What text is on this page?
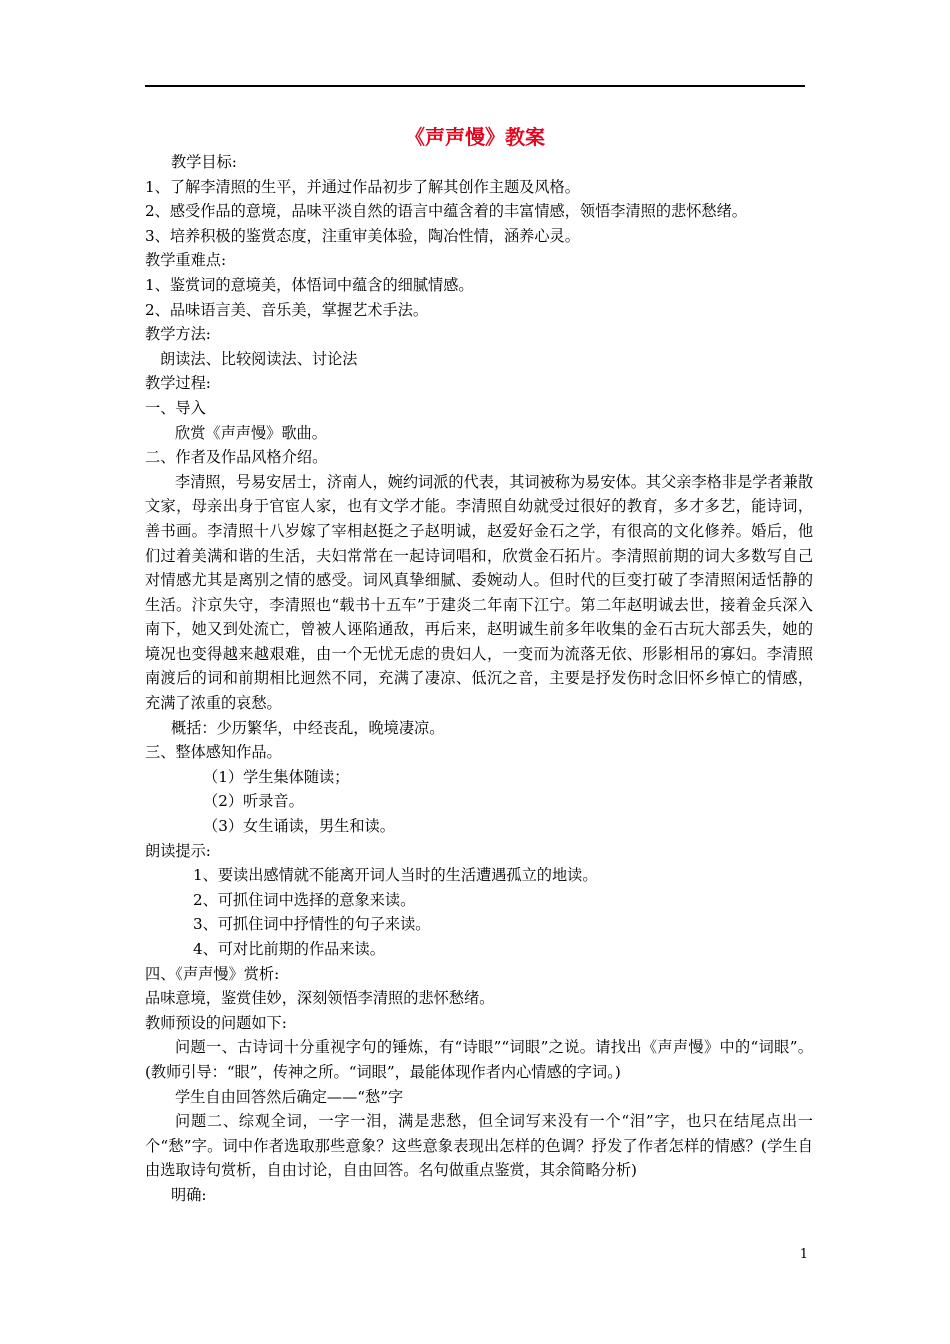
《声声慢》教案
教学目标:
1、了解李清照的生平，并通过作品初步了解其创作主题及风格。
2、感受作品的意境，品味平淡自然的语言中蕴含着的丰富情感，领悟李清照的悲怀愁绪。
3、培养积极的鉴赏态度，注重审美体验，陶冶性情，涵养心灵。
教学重难点:
1、鉴赏词的意境美，体悟词中蕴含的细腻情感。
2、品味语言美、音乐美，掌握艺术手法。
教学方法:
朗读法、比较阅读法、讨论法
教学过程:
一、导入
欣赏《声声慢》歌曲。
二、作者及作品风格介绍。
李清照，号易安居士，济南人，婉约词派的代表，其词被称为易安体。其父亲李格非是学者兼散文家，母亲出身于官宦人家，也有文学才能。李清照自幼就受过很好的教育，多才多艺，能诗词，善书画。李清照十八岁嫁了宰相赵挺之子赵明诚，赵爱好金石之学，有很高的文化修养。婚后，他们过着美满和谐的生活，夫妇常常在一起诗词唱和，欣赏金石拓片。李清照前期的词大多数写自己对情感尤其是离别之情的感受。词风真挚细腻、委婉动人。但时代的巨变打破了李清照闲适恬静的生活。汴京失守，李清照也“载书十五车”于建炎二年南下江宁。第二年赵明诚去世，接着金兵深入南下，她又到处流亡，曾被人诬陷通敌，再后来，赵明诚生前多年收集的金石古玩大部丢失，她的境况也变得越来越艰难，由一个无忧无虑的贵妇人，一变而为流落无依、形影相吊的寡妇。李清照南渡后的词和前期相比迥然不同，充满了凄凉、低沉之音，主要是抒发伤时念旧怀乡悼亡的情感，充满了浓重的哀愁。
概括：少历繁华，中经丧乱，晚境凄凉。
三、整体感知作品。
（1）学生集体随读；
（2）听录音。
（3）女生诵读，男生和读。
朗读提示:
1、要读出感情就不能离开词人当时的生活遭遇孤立的地读。
2、可抓住词中选择的意象来读。
3、可抓住词中抒情性的句子来读。
4、可对比前期的作品来读。
四、《声声慢》赏析:
品味意境，鉴赏佳妙，深刻领悟李清照的悲怀愁绪。
教师预设的问题如下:
问题一、古诗词十分重视字句的锤炼，有“诗眼”“词眼”之说。请找出《声声慢》中的“词眼”。(教师引导：“眼”，传神之所。“词眼”，最能体现作者内心情感的字词。)
学生自由回答然后确定——“愁”字
问题二、综观全词，一字一泪，满是悲愁，但全词写来没有一个“泪”字，也只在结尾点出一个“愁”字。词中作者选取那些意象？这些意象表现出怎样的色调？抒发了作者怎样的情感？(学生自由选取诗句赏析，自由讨论，自由回答。名句做重点鉴赏，其余简略分析)
明确:
1
